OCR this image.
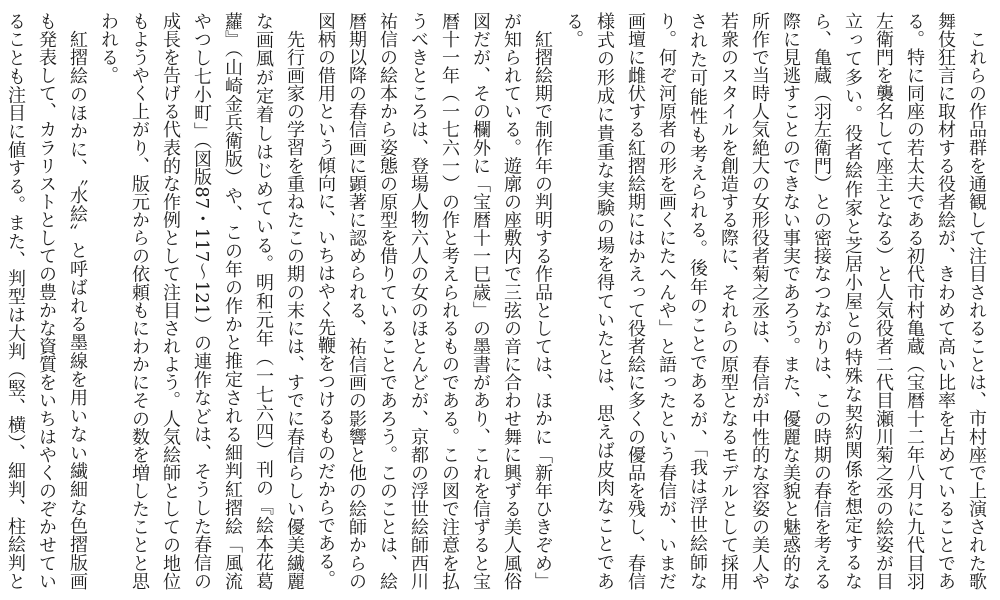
これらの作品群を通観して注目されることは、市村座で上演された歌舞伎狂言に取材する役者絵が、きわめて高い比率を占めていることである。特に同座の若太夫である初代市村亀蔵（宝暦十二年八月に九代目羽左衛門を襲名して座主となる）と人気役者二代目瀬川菊之丞の絵姿が目立って多い。役者絵作家と芝居小屋との特殊な契約関係を想定するなら、亀蔵（羽左衛門）との密接なつながりは、この時期の春信を考える際に見逃すことのできない事実であろう。また、優麗な美貌と魅惑的な所作で当時人気絶大の女形役者菊之丞は、春信が中性的な容姿の美人や若衆のスタイルを創造する際に、それらの原型となるモデルとして採用された可能性も考えられる。後年のことであるが、「我は浮世絵師なり。何ぞ河原者の形を画くにたへんや」と語ったという春信が、いまだ画壇に雌伏する紅摺絵期にはかえって役者絵に多くの優品を残し、春信様式の形成に貴重な実験の場を得ていたとは、思えば皮肉なことである。

紅摺絵期で制作年の判明する作品としては、ほかに「新年ひきぞめ」が知られている。遊廓の座敷内で三弦の音に合わせ舞に興ずる美人風俗図だが、その欄外に「宝暦十一巳歳」の墨書があり、これを信ずると宝暦十一年（一七六一）の作と考えられるものである。この図で注意を払うべきところは、登場人物六人の女のほとんどが、京都の浮世絵師西川祐信の絵本から姿態の原型を借りていることであろう。このことは、絵暦期以降の春信画に顕著に認められる、祐信画の影響と他の絵師からの図柄の借用という傾向に、いちはやく先鞭をつけるものだからである。

先行画家の学習を重ねたこの期の末には、すでに春信らしい優美繊麗な画風が定着しはじめている。明和元年（一七六四）刊の『絵本花葛蘿』（山崎金兵衛版）や、この年の作かと推定される細判紅摺絵「風流やつし七小町」（図版87・117〜121）の連作などは、そうした春信の成長を告げる代表的な作例として注目されよう。人気絵師としての地位もようやく上がり、版元からの依頼もにわかにその数を増したことと思われる。

紅摺絵のほかに、〝水絵〟と呼ばれる墨線を用いない繊細な色摺版画も発表して、カラリストとしての豊かな資質をいちはやくのぞかせていることも注目に値する。また、判型は大判（竪、横）、細判、柱絵判と
